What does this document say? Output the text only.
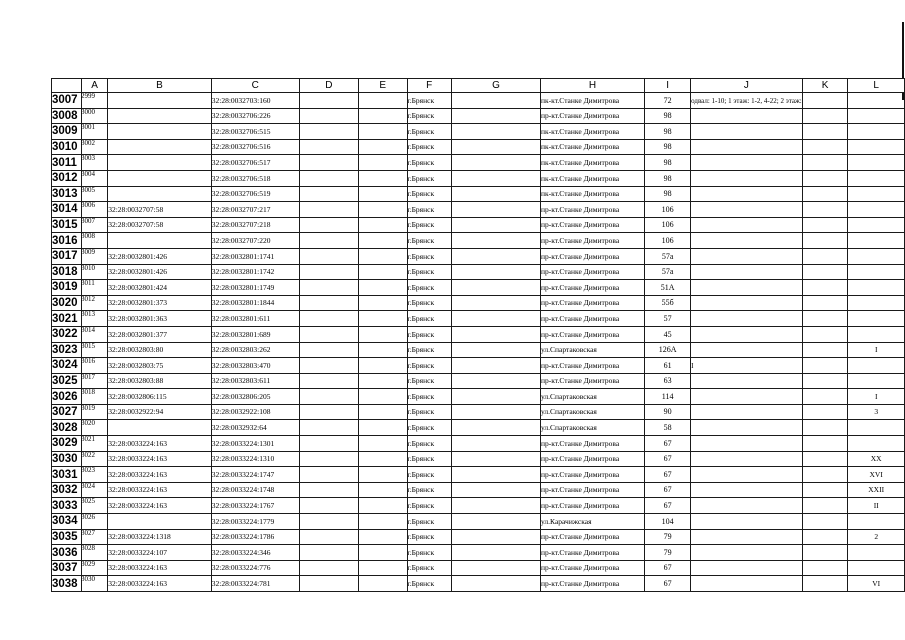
	A	B	C	D	E	F	G	H	I	J	K	L
3007 2999			32:28:0032703:160			г.Брянск		пк-кт.Станке Димитрова	72	одвал: 1-10; 1 этаж: 1-2, 4-22; 2 этаж:		
3008 3000			32:28:0032706:226			г.Брянск		пр-кт.Станке Димитрова	98			
3009 3001			32:28:0032706:515			г.Брянск		пк-кт.Станке Димитрова	98			
3010 3002			32:28:0032706:516			г.Брянск		пк-кт.Станке Димитрова	98			
3011 3003			32:28:0032706:517			г.Брянск		пк-кт.Станке Димитрова	98			
3012 3004			32:28:0032706:518			г.Брянск		пк-кт.Станке Димитрова	98			
3013 3005			32:28:0032706:519			г.Брянск		пк-кт.Станке Димитрова	98			
3014 3006		32:28:0032707:58	32:28:0032707:217			г.Брянск		пр-кт.Станке Димитрова	106			
3015 3007		32:28:0032707:58	32:28:0032707:218			г.Брянск		пр-кт.Станке Димитрова	106			
3016 3008			32:28:0032707:220			г.Брянск		пр-кт.Станке Димитрова	106			
3017 3009		32:28:0032801:426	32:28:0032801:1741			г.Брянск		пр-кт.Станке Димитрова	57а			
3018 3010		32:28:0032801:426	32:28:0032801:1742			г.Брянск		пр-кт.Станке Димитрова	57а			
3019 3011		32:28:0032801:424	32:28:0032801:1749			г.Брянск		пр-кт.Станке Димитрова	51А			
3020 3012		32:28:0032801:373	32:28:0032801:1844			г.Брянск		пр-кт.Станке Димитрова	55б			
3021 3013		32:28:0032801:363	32:28:0032801:611			г.Брянск		пр-кт.Станке Димитрова	57			
3022 3014		32:28:0032801:377	32:28:0032801:689			г.Брянск		пр-кт.Станке Димитрова	45			
3023 3015		32:28:0032803:80	32:28:0032803:262			г.Брянск		ул.Спартаковская	126А			I
3024 3016		32:28:0032803:75	32:28:0032803:470			г.Брянск		пр-кт.Станке Димитрова	61	I		
3025 3017		32:28:0032803:88	32:28:0032803:611			г.Брянск		пр-кт.Станке Димитрова	63			
3026 3018		32:28:0032806:115	32:28:0032806:205			г.Брянск		ул.Спартаковская	114			I
3027 3019		32:28:0032922:94	32:28:0032922:108			г.Брянск		ул.Спартаковская	90			3
3028 3020			32:28:0032932:64			г.Брянск		ул.Спартаковская	58			
3029 3021		32:28:0033224:163	32:28:0033224:1301			г.Брянск		пр-кт.Станке Димитрова	67			
3030 3022		32:28:0033224:163	32:28:0033224:1310			г.Брянск		пр-кт.Станке Димитрова	67			XX
3031 3023		32:28:0033224:163	32:28:0033224:1747			г.Брянск		пр-кт.Станке Димитрова	67			XVI
3032 3024		32:28:0033224:163	32:28:0033224:1748			г.Брянск		пр-кт.Станке Димитрова	67			XXII
3033 3025		32:28:0033224:163	32:28:0033224:1767			г.Брянск		пр-кт.Станке Димитрова	67			II
3034 3026			32:28:0033224:1779			г.Брянск		ул.Карачижская	104			
3035 3027		32:28:0033224:1318	32:28:0033224:1786			г.Брянск		пр-кт.Станке Димитрова	79			2
3036 3028		32:28:0033224:107	32:28:0033224:346			г.Брянск		пр-кт.Станке Димитрова	79			
3037 3029		32:28:0033224:163	32:28:0033224:776			г.Брянск		пр-кт.Станке Димитрова	67			
3038 3030		32:28:0033224:163	32:28:0033224:781			г.Брянск		пр-кт.Станке Димитрова	67			VI
